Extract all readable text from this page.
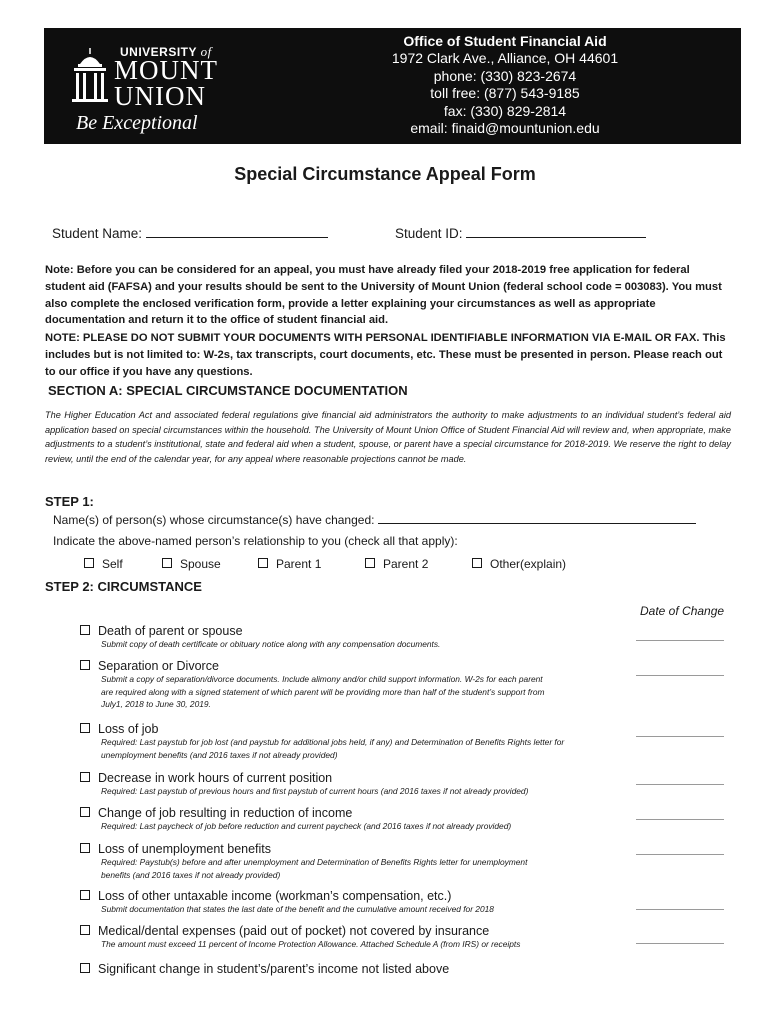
UNIVERSITY of
MOUNT
UNION
Be Exceptional
Office of Student Financial Aid
1972 Clark Ave., Alliance, OH 44601
phone: (330) 823-2674
toll free: (877) 543-9185
fax: (330) 829-2814
email: finaid@mountunion.edu
Special Circumstance Appeal Form
Student Name:	Student ID:

Note: Before you can be considered for an appeal, you must have already filed your 2018-2019 free application for federal student aid (FAFSA) and your results should be sent to the University of Mount Union (federal school code = 003083). You must also complete the enclosed verification form, provide a letter explaining your circumstances as well as appropriate documentation and return it to the office of student financial aid.

NOTE: PLEASE DO NOT SUBMIT YOUR DOCUMENTS WITH PERSONAL IDENTIFIABLE INFORMATION VIA E-MAIL OR FAX. This includes but is not limited to: W-2s, tax transcripts, court documents, etc. These must be presented in person. Please reach out to our office if you have any questions.

SECTION A: SPECIAL CIRCUMSTANCE DOCUMENTATION

The Higher Education Act and associated federal regulations give financial aid administrators the authority to make adjustments to an individual student’s federal aid application based on special circumstances within the household. The University of Mount Union Office of Student Financial Aid will review and, when appropriate, make adjustments to a student’s institutional, state and federal aid when a student, spouse, or parent have a special circumstance for 2018-2019. We reserve the right to delay review, until the end of the calendar year, for any appeal where reasonable projections cannot be made.

STEP 1:
Name(s) of person(s) whose circumstance(s) have changed:
Indicate the above-named person’s relationship to you (check all that apply):
Self	Spouse	Parent 1	Parent 2	Other(explain)
STEP 2: CIRCUMSTANCE
Date of Change
Death of parent or spouse
Submit copy of death certificate or obituary notice along with any compensation documents.
Separation or Divorce
Submit a copy of separation/divorce documents. Include alimony and/or child support information. W-2s for each parent are required along with a signed statement of which parent will be providing more than half of the student’s support from July1, 2018 to June 30, 2019.
Loss of job
Required: Last paystub for job lost (and paystub for additional jobs held, if any) and Determination of Benefits Rights letter for unemployment benefits (and 2016 taxes if not already provided)
Decrease in work hours of current position
Required: Last paystub of previous hours and first paystub of current hours (and 2016 taxes if not already provided)
Change of job resulting in reduction of income
Required: Last paycheck of job before reduction and current paycheck (and 2016 taxes if not already provided)
Loss of unemployment benefits
Required: Paystub(s) before and after unemployment and Determination of Benefits Rights letter for unemployment benefits (and 2016 taxes if not already provided)
Loss of other untaxable income (workman’s compensation, etc.)
Submit documentation that states the last date of the benefit and the cumulative amount received for 2018
Medical/dental expenses (paid out of pocket) not covered by insurance
The amount must exceed 11 percent of Income Protection Allowance. Attached Schedule A (from IRS) or receipts
Significant change in student’s/parent’s income not listed above
